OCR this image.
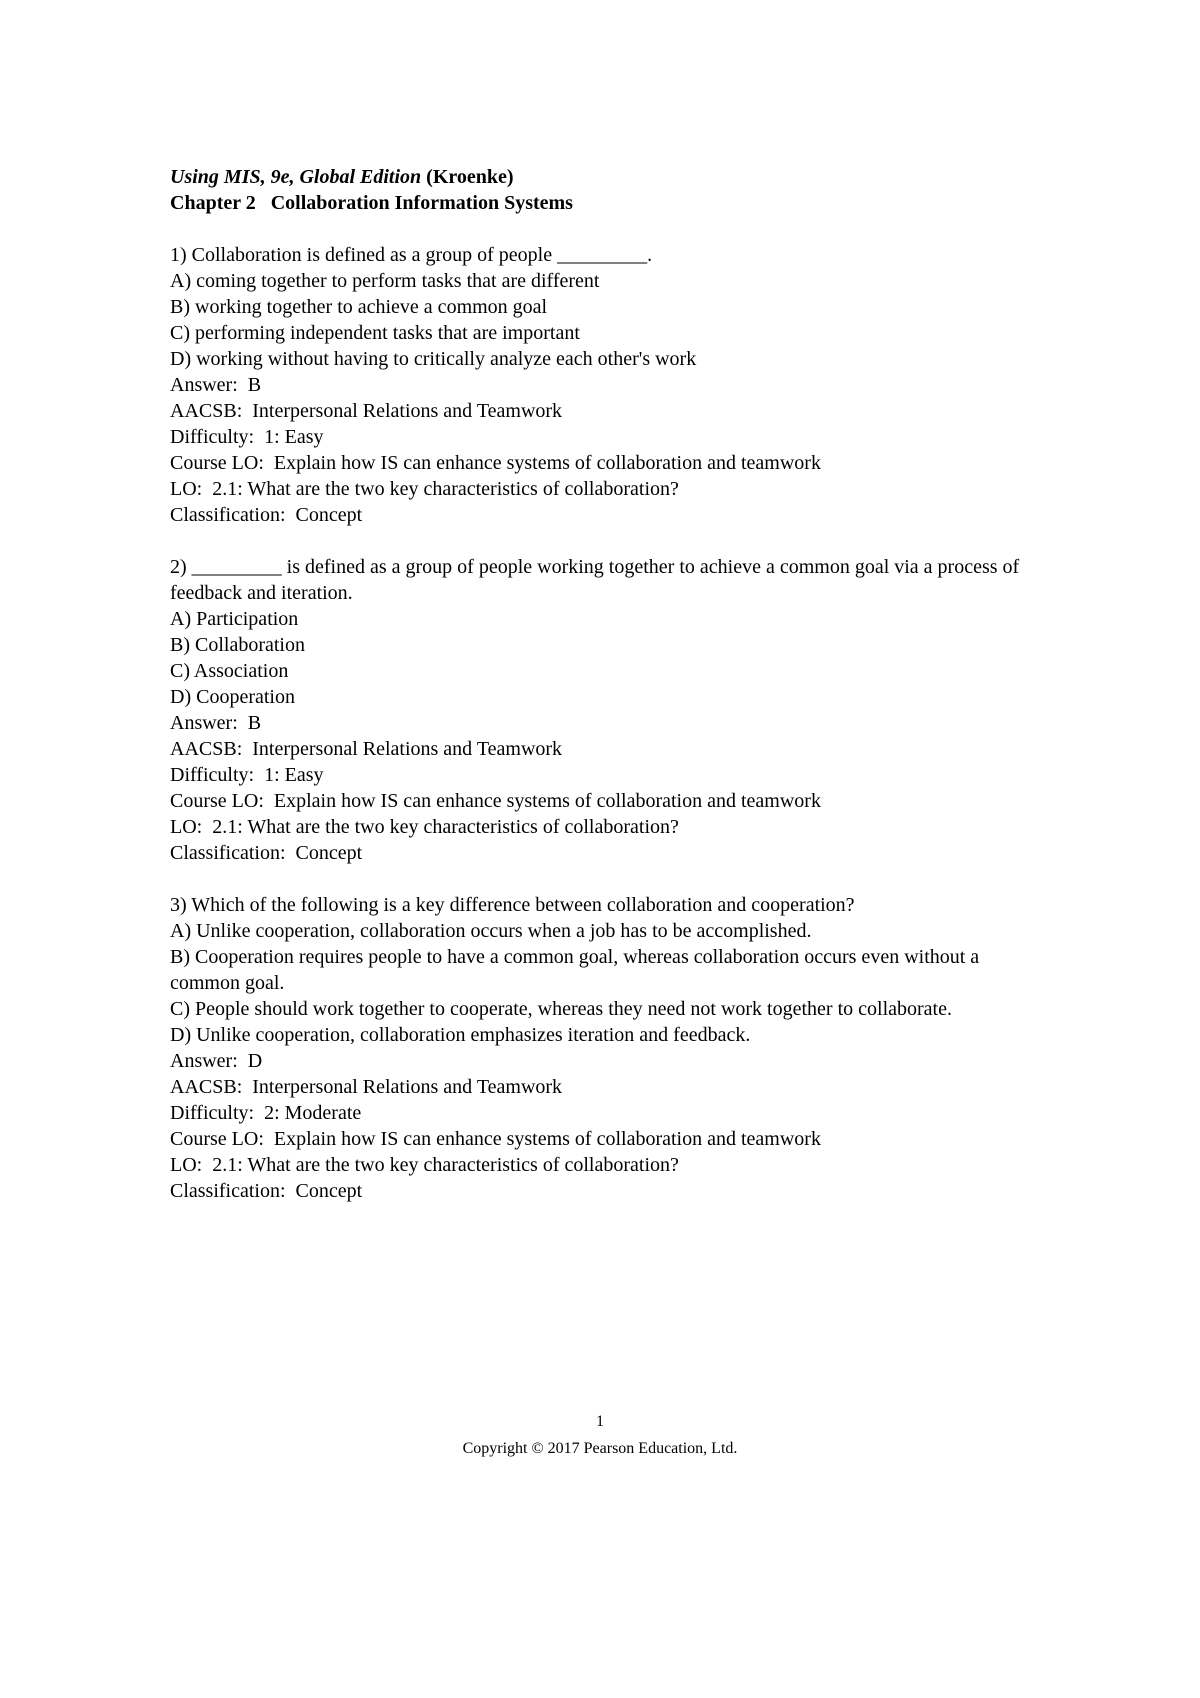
Using MIS, 9e, Global Edition (Kroenke)
Chapter 2   Collaboration Information Systems
1) Collaboration is defined as a group of people _________.
A) coming together to perform tasks that are different
B) working together to achieve a common goal
C) performing independent tasks that are important
D) working without having to critically analyze each other's work
Answer:  B
AACSB:  Interpersonal Relations and Teamwork
Difficulty:  1: Easy
Course LO:  Explain how IS can enhance systems of collaboration and teamwork
LO:  2.1: What are the two key characteristics of collaboration?
Classification:  Concept
2) _________ is defined as a group of people working together to achieve a common goal via a process of feedback and iteration.
A) Participation
B) Collaboration
C) Association
D) Cooperation
Answer:  B
AACSB:  Interpersonal Relations and Teamwork
Difficulty:  1: Easy
Course LO:  Explain how IS can enhance systems of collaboration and teamwork
LO:  2.1: What are the two key characteristics of collaboration?
Classification:  Concept
3) Which of the following is a key difference between collaboration and cooperation?
A) Unlike cooperation, collaboration occurs when a job has to be accomplished.
B) Cooperation requires people to have a common goal, whereas collaboration occurs even without a common goal.
C) People should work together to cooperate, whereas they need not work together to collaborate.
D) Unlike cooperation, collaboration emphasizes iteration and feedback.
Answer:  D
AACSB:  Interpersonal Relations and Teamwork
Difficulty:  2: Moderate
Course LO:  Explain how IS can enhance systems of collaboration and teamwork
LO:  2.1: What are the two key characteristics of collaboration?
Classification:  Concept
1
Copyright © 2017 Pearson Education, Ltd.
